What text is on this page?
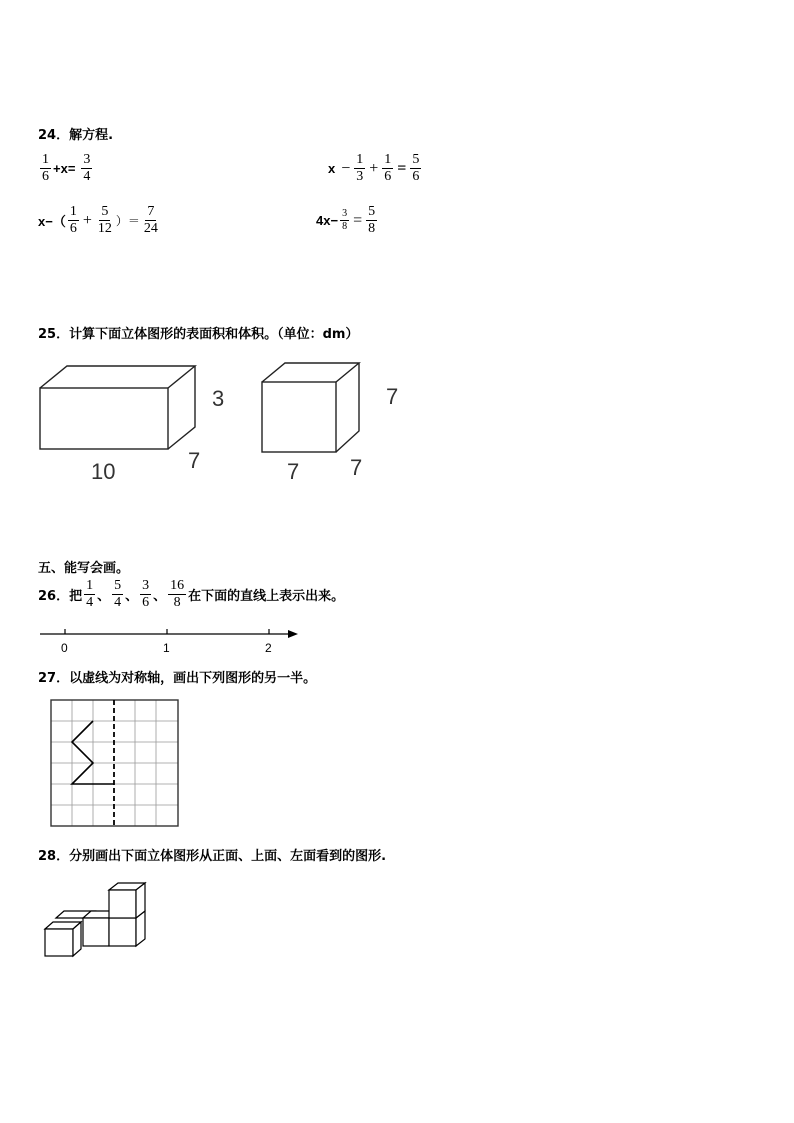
24．解方程.
$\frac{1}{6} +x= \frac{3}{4}$	$x - \frac{1}{3} + \frac{1}{6} = \frac{5}{6}$
$x-( \frac{1}{6} + \frac{5}{12}$ ）＝ $\frac{7}{24}$	$4x- \frac{3}{8} = \frac{5}{8}$
25．计算下面立体图形的表面积和体积。（单位：dm）
3
10	7
7
7 7
五、能写会画。
26．把 $\frac{1}{4}$ 、 $\frac{5}{4}$ 、 $\frac{3}{6}$ 、 $\frac{16}{8}$ 在下面的直线上表示出来。
0	1	2
27．以虚线为对称轴，画出下列图形的另一半。
28．分别画出下面立体图形从正面、上面、左面看到的图形.
